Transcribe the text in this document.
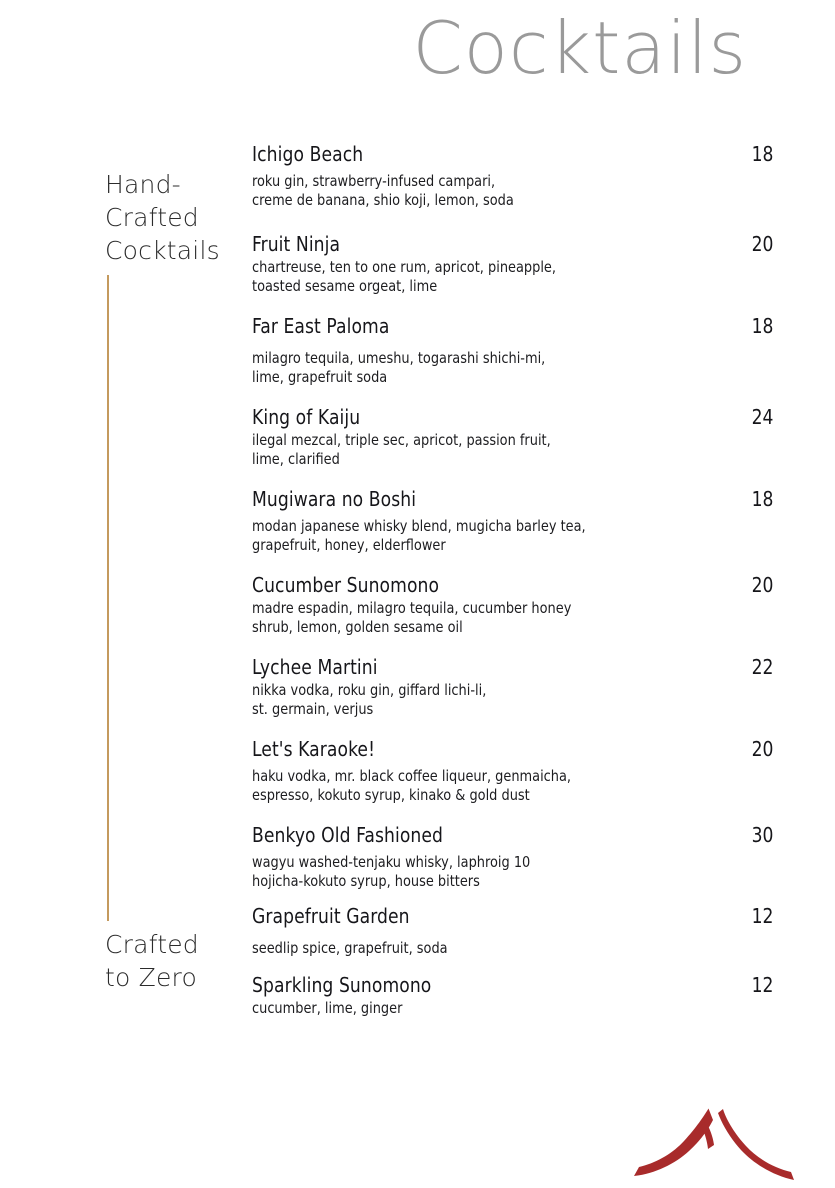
Cocktails
Hand-
Crafted
Cocktails
Crafted
to Zero
Ichigo Beach	18
roku gin, strawberry-infused campari,
creme de banana, shio koji, lemon, soda
Fruit Ninja	20
chartreuse, ten to one rum, apricot, pineapple,
toasted sesame orgeat, lime
Far East Paloma	18
milagro tequila, umeshu, togarashi shichi-mi,
lime, grapefruit soda
King of Kaiju	24
ilegal mezcal, triple sec, apricot, passion fruit,
lime, clarified
Mugiwara no Boshi	18
modan japanese whisky blend, mugicha barley tea,
grapefruit, honey, elderflower
Cucumber Sunomono	20
madre espadin, milagro tequila, cucumber honey
shrub, lemon, golden sesame oil
Lychee Martini	22
nikka vodka, roku gin, giffard lichi-li,
st. germain, verjus
Let's Karaoke!	20
haku vodka, mr. black coffee liqueur, genmaicha,
espresso, kokuto syrup, kinako & gold dust
Benkyo Old Fashioned	30
wagyu washed-tenjaku whisky, laphroig 10
hojicha-kokuto syrup, house bitters
Grapefruit Garden	12
seedlip spice, grapefruit, soda
Sparkling Sunomono	12
cucumber, lime, ginger
